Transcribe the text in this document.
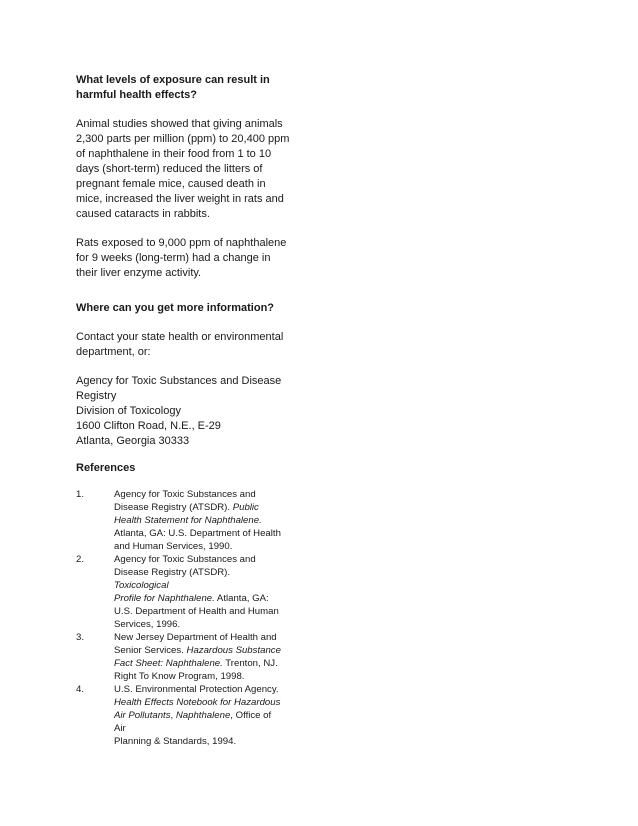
What levels of exposure can result in
harmful health effects?

Animal studies showed that giving animals
2,300 parts per million (ppm) to 20,400 ppm
of naphthalene in their food from 1 to 10
days (short-term) reduced the litters of
pregnant female mice, caused death in
mice, increased the liver weight in rats and
caused cataracts in rabbits.

Rats exposed to 9,000 ppm of naphthalene
for 9 weeks (long-term) had a change in
their liver enzyme activity.

Where can you get more information?

Contact your state health or environmental
department, or:

Agency for Toxic Substances and Disease
Registry
Division of Toxicology
1600 Clifton Road, N.E., E-29
Atlanta, Georgia 30333

References

1.	Agency for Toxic Substances and
Disease Registry (ATSDR). Public
Health Statement for Naphthalene.
Atlanta, GA: U.S. Department of Health
and Human Services, 1990.
2.	Agency for Toxic Substances and
Disease Registry (ATSDR). Toxicological
Profile for Naphthalene. Atlanta, GA:
U.S. Department of Health and Human
Services, 1996.
3.	New Jersey Department of Health and
Senior Services. Hazardous Substance
Fact Sheet: Naphthalene. Trenton, NJ.
Right To Know Program, 1998.
4.	U.S. Environmental Protection Agency.
Health Effects Notebook for Hazardous
Air Pollutants, Naphthalene, Office of Air
Planning & Standards, 1994.
